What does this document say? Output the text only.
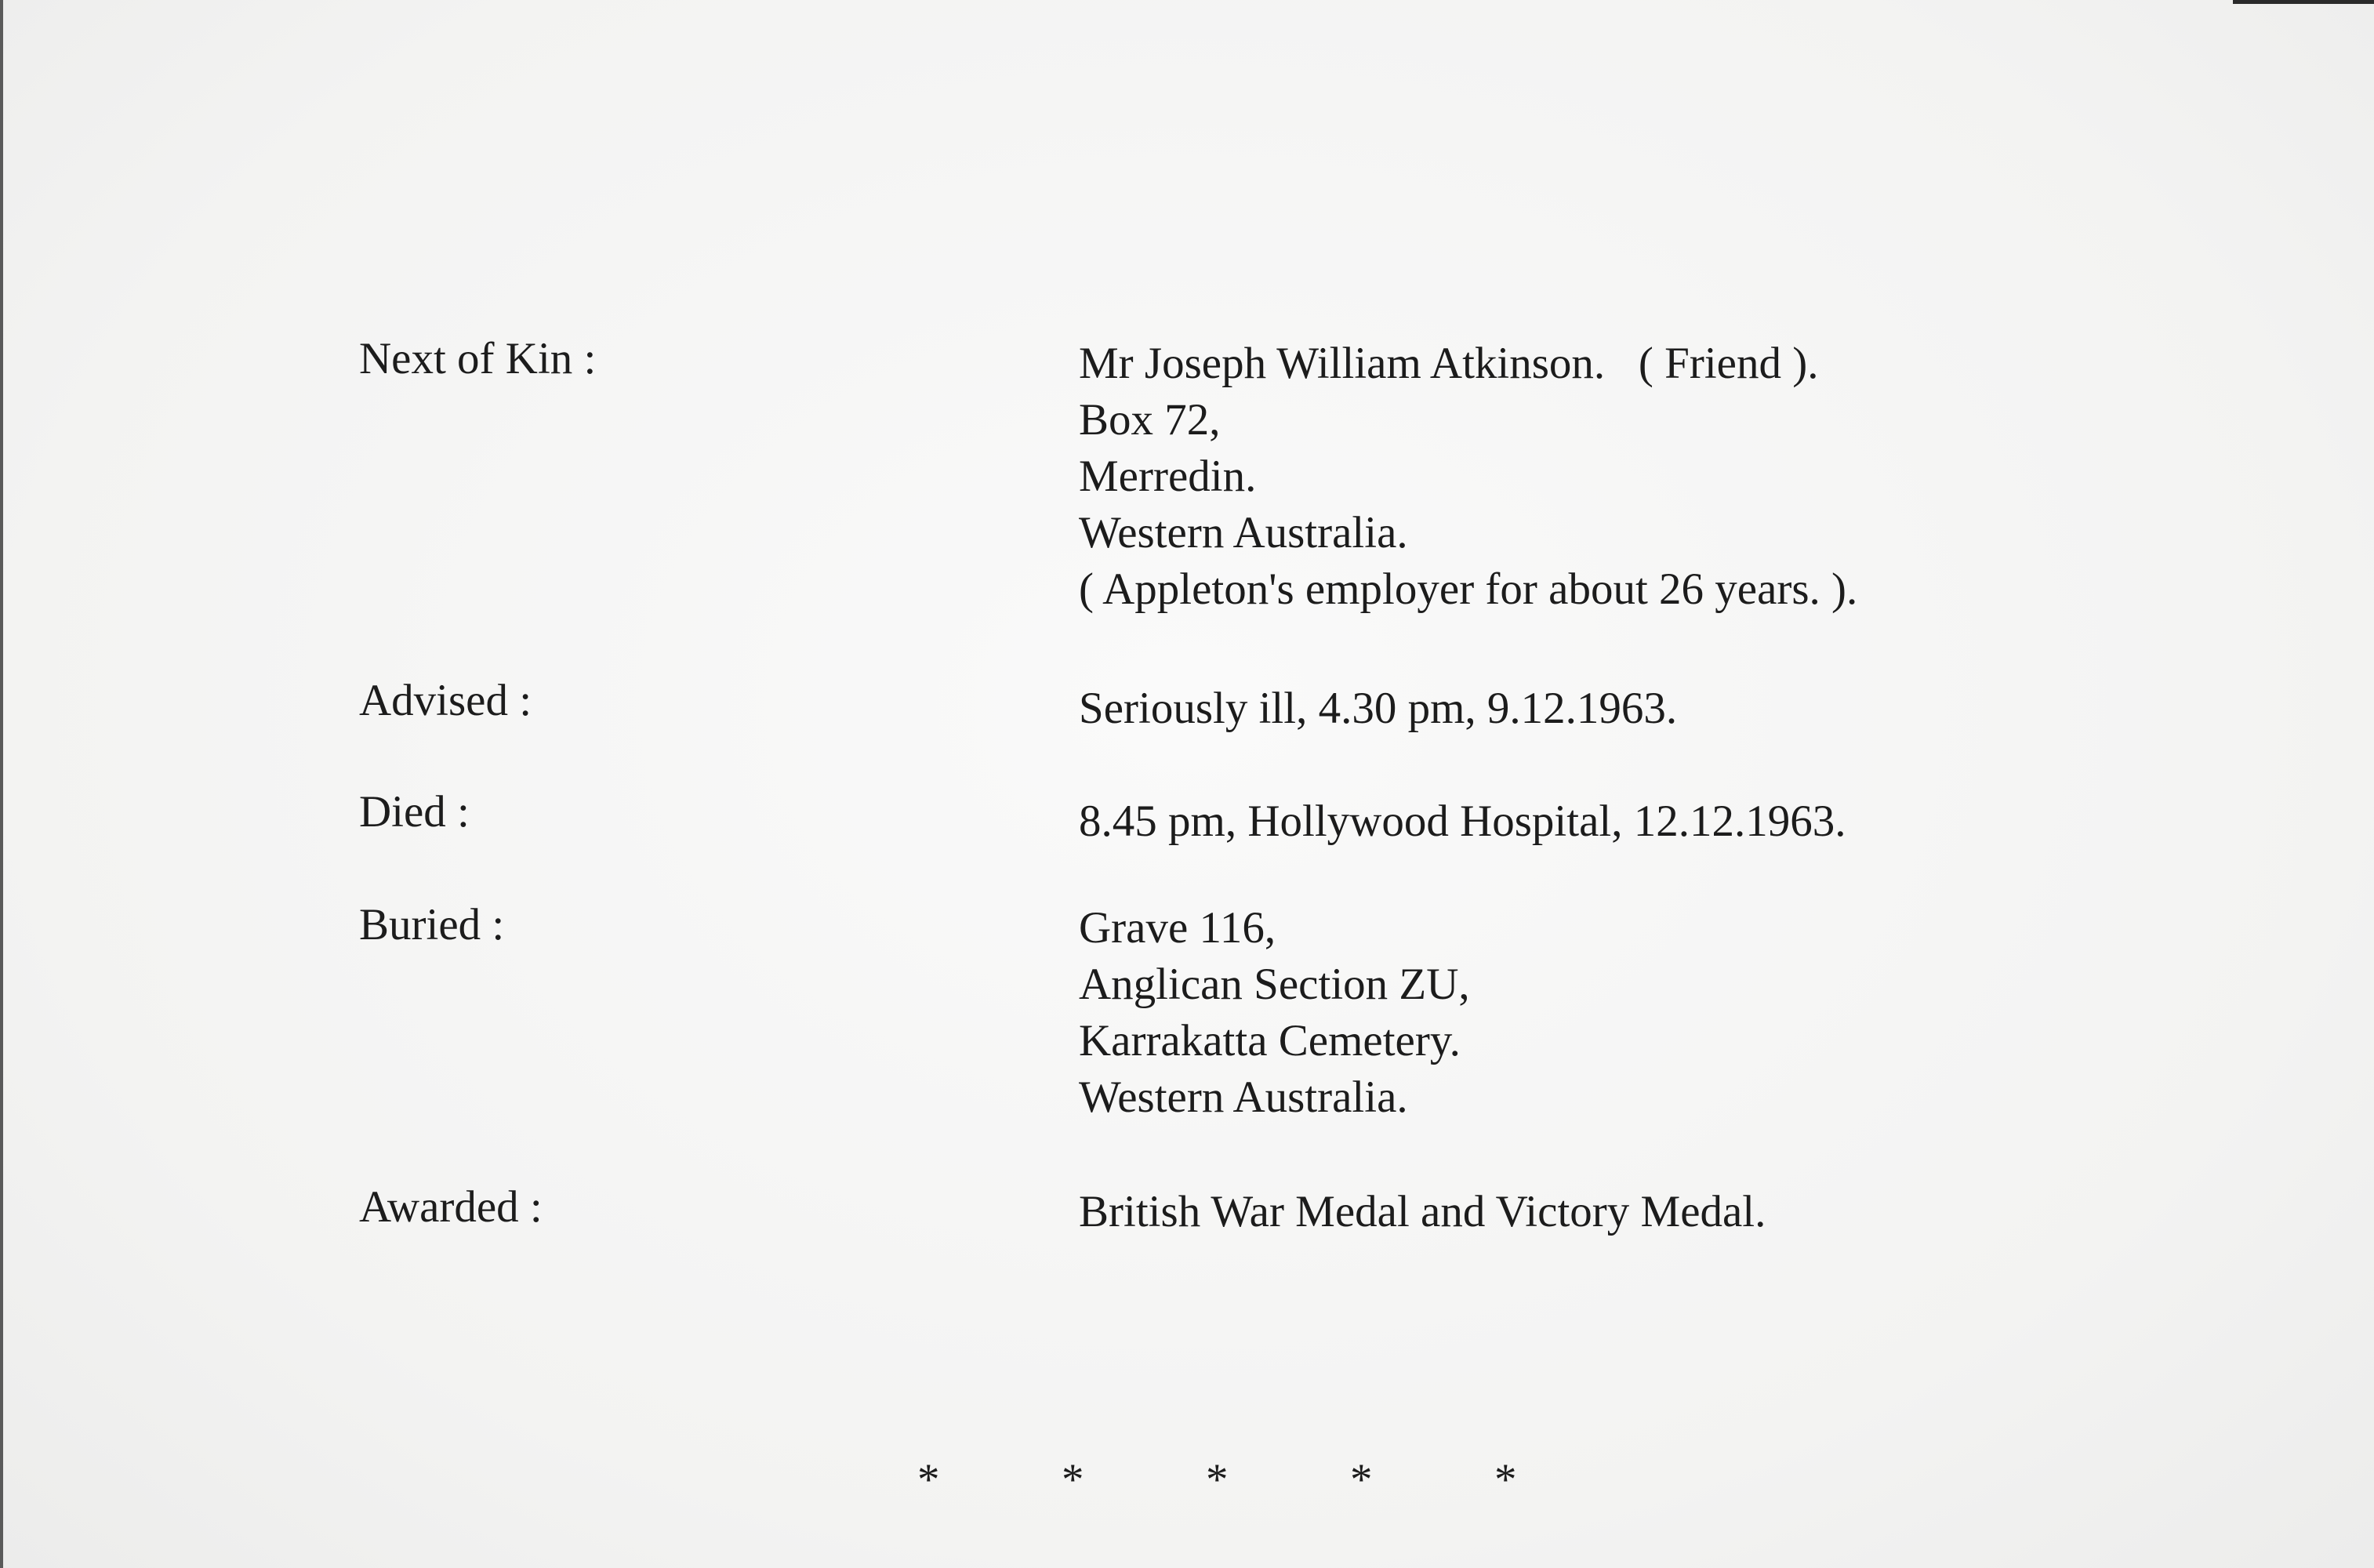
Next of Kin :	Mr Joseph William Atkinson.   ( Friend ).
Box 72,
Merredin.
Western Australia.
( Appleton's employer for about 26 years. ).
Advised :	Seriously ill, 4.30 pm, 9.12.1963.
Died :	8.45 pm, Hollywood Hospital, 12.12.1963.
Buried :	Grave 116,
Anglican Section ZU,
Karrakatta Cemetery.
Western Australia.
Awarded :	British War Medal and Victory Medal.
*	*	*	*	*
